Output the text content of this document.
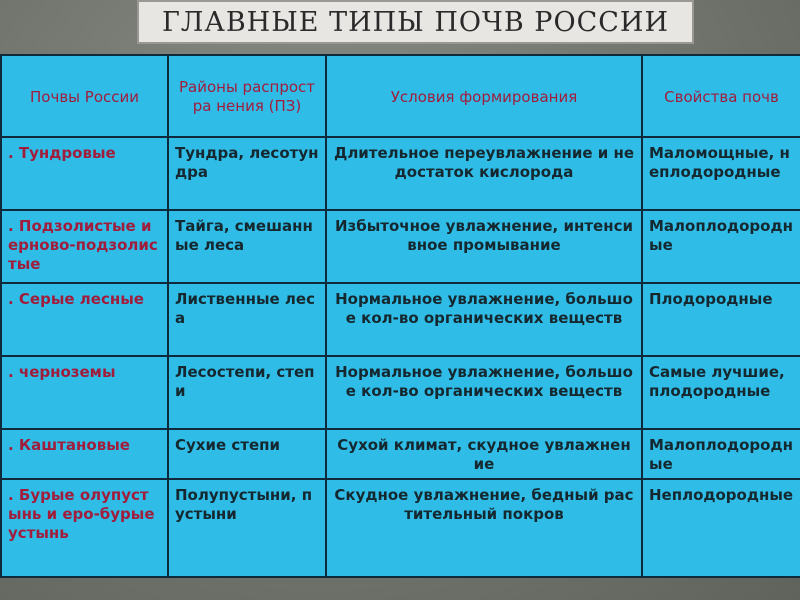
ГЛАВНЫЕ ТИПЫ ПОЧВ РОССИИ
Почвы России	Районы распростра нения (ПЗ)	Условия формирования	Свойства почв
. Тундровые	Тундра, лесотундра	Длительное переувлажнение и недостаток кислорода	Маломощные, неплодородные
. Подзолистые и ерново-подзолистые	Тайга, смешанные леса	Избыточное увлажнение, интенсивное промывание	Малоплодородные
. Серые лесные	Лиственные леса	Нормальное увлажнение, большое кол-во органических веществ	Плодородные
. черноземы	Лесостепи, степи	Нормальное увлажнение, большое кол-во органических веществ	Самые лучшие, плодородные
. Каштановые	Сухие степи	Сухой климат, скудное увлажнение	Малоплодородные
. Бурые олупустынь и еро-бурые устынь	Полупустыни, пустыни	Скудное увлажнение, бедный растительный покров	Неплодородные
